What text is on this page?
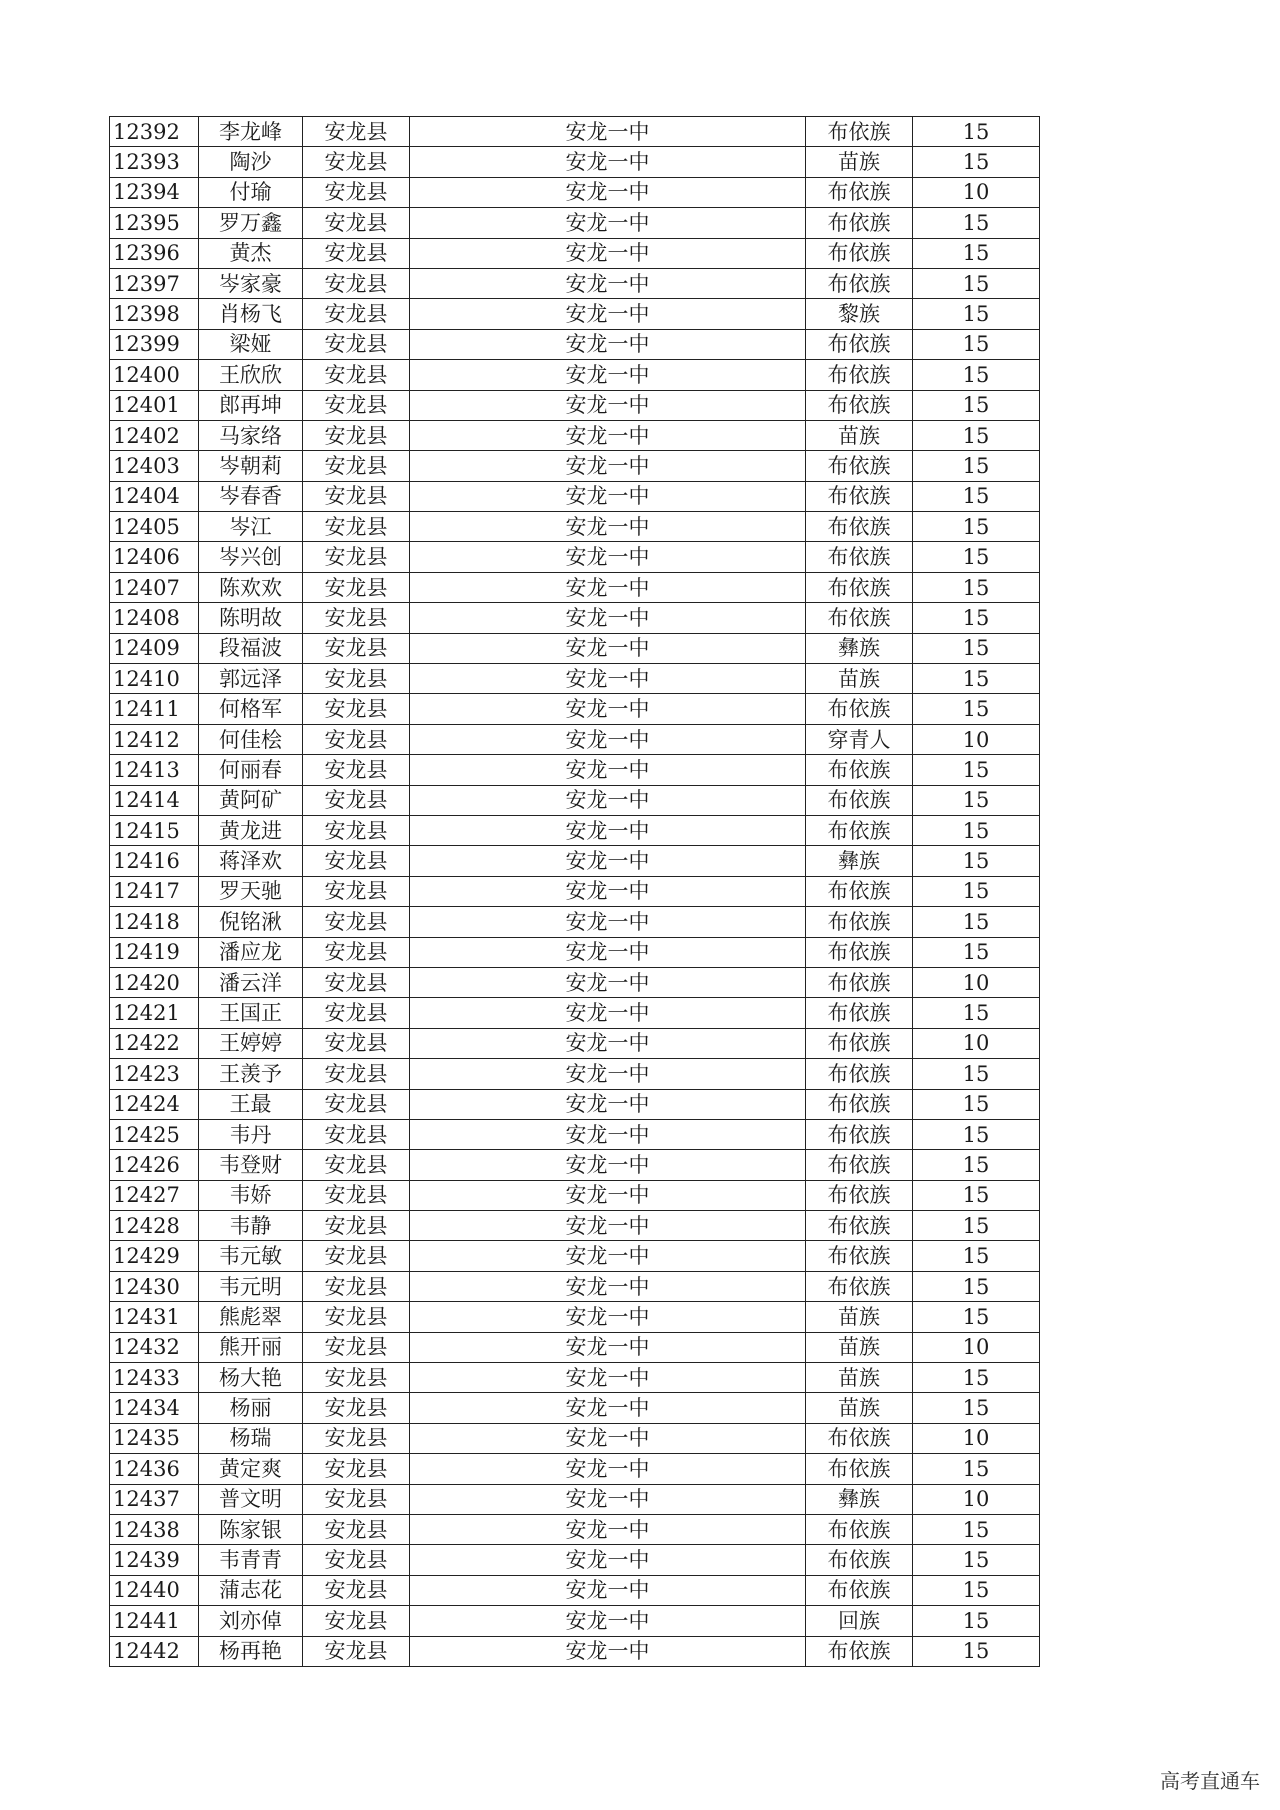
12392	李龙峰	安龙县	安龙一中	布依族	15
12393	陶沙	安龙县	安龙一中	苗族	15
12394	付瑜	安龙县	安龙一中	布依族	10
12395	罗万鑫	安龙县	安龙一中	布依族	15
12396	黄杰	安龙县	安龙一中	布依族	15
12397	岑家豪	安龙县	安龙一中	布依族	15
12398	肖杨飞	安龙县	安龙一中	黎族	15
12399	梁娅	安龙县	安龙一中	布依族	15
12400	王欣欣	安龙县	安龙一中	布依族	15
12401	郎再坤	安龙县	安龙一中	布依族	15
12402	马家络	安龙县	安龙一中	苗族	15
12403	岑朝莉	安龙县	安龙一中	布依族	15
12404	岑春香	安龙县	安龙一中	布依族	15
12405	岑江	安龙县	安龙一中	布依族	15
12406	岑兴创	安龙县	安龙一中	布依族	15
12407	陈欢欢	安龙县	安龙一中	布依族	15
12408	陈明故	安龙县	安龙一中	布依族	15
12409	段福波	安龙县	安龙一中	彝族	15
12410	郭远泽	安龙县	安龙一中	苗族	15
12411	何格军	安龙县	安龙一中	布依族	15
12412	何佳桧	安龙县	安龙一中	穿青人	10
12413	何丽春	安龙县	安龙一中	布依族	15
12414	黄阿矿	安龙县	安龙一中	布依族	15
12415	黄龙进	安龙县	安龙一中	布依族	15
12416	蒋泽欢	安龙县	安龙一中	彝族	15
12417	罗天驰	安龙县	安龙一中	布依族	15
12418	倪铭湫	安龙县	安龙一中	布依族	15
12419	潘应龙	安龙县	安龙一中	布依族	15
12420	潘云洋	安龙县	安龙一中	布依族	10
12421	王国正	安龙县	安龙一中	布依族	15
12422	王婷婷	安龙县	安龙一中	布依族	10
12423	王羡予	安龙县	安龙一中	布依族	15
12424	王最	安龙县	安龙一中	布依族	15
12425	韦丹	安龙县	安龙一中	布依族	15
12426	韦登财	安龙县	安龙一中	布依族	15
12427	韦娇	安龙县	安龙一中	布依族	15
12428	韦静	安龙县	安龙一中	布依族	15
12429	韦元敏	安龙县	安龙一中	布依族	15
12430	韦元明	安龙县	安龙一中	布依族	15
12431	熊彪翠	安龙县	安龙一中	苗族	15
12432	熊开丽	安龙县	安龙一中	苗族	10
12433	杨大艳	安龙县	安龙一中	苗族	15
12434	杨丽	安龙县	安龙一中	苗族	15
12435	杨瑞	安龙县	安龙一中	布依族	10
12436	黄定爽	安龙县	安龙一中	布依族	15
12437	普文明	安龙县	安龙一中	彝族	10
12438	陈家银	安龙县	安龙一中	布依族	15
12439	韦青青	安龙县	安龙一中	布依族	15
12440	蒲志花	安龙县	安龙一中	布依族	15
12441	刘亦倬	安龙县	安龙一中	回族	15
12442	杨再艳	安龙县	安龙一中	布依族	15
高考直通车
